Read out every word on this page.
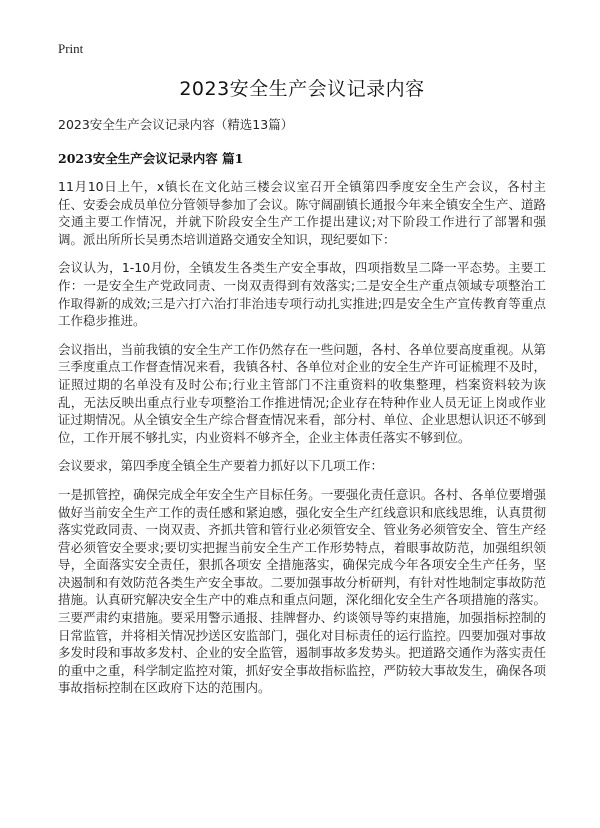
Print
2023安全生产会议记录内容

2023安全生产会议记录内容（精选13篇）

2023安全生产会议记录内容 篇1

11月10日上午，x镇长在文化站三楼会议室召开全镇第四季度安全生产会议，各村主任、安委会成员单位分管领导参加了会议。陈守阔副镇长通报今年来全镇安全生产、道路交通主要工作情况，并就下阶段安全生产工作提出建议;对下阶段工作进行了部署和强调。派出所所长吴勇杰培训道路交通安全知识，现纪要如下：

会议认为，1-10月份，全镇发生各类生产安全事故，四项指数呈二降一平态势。主要工作：一是安全生产党政同责、一岗双责得到有效落实;二是安全生产重点领域专项整治工作取得新的成效;三是六打六治打非治违专项行动扎实推进;四是安全生产宣传教育等重点工作稳步推进。

会议指出，当前我镇的安全生产工作仍然存在一些问题，各村、各单位要高度重视。从第三季度重点工作督查情况来看，我镇各村、各单位对企业的安全生产许可证梳理不及时，证照过期的名单没有及时公布;行业主管部门不注重资料的收集整理，档案资料较为诙乱，无法反映出重点行业专项整治工作推进情况;企业存在特种作业人员无证上岗或作业 证过期情况。从全镇安全生产综合督查情况来看，部分村、单位、企业思想认识还不够到位，工作开展不够扎实，内业资料不够齐全，企业主体责任落实不够到位。

会议要求，第四季度全镇全生产要着力抓好以下几项工作：

一是抓管控，确保完成全年安全生产目标任务。一要强化责任意识。各村、各单位要增强做好当前安全生产工作的责任感和紧迫感，强化安全生产红线意识和底线思维，认真贯彻落实党政同责、一岗双责、齐抓共管和管行业必须管安全、管业务必须管安全、管生产经营必须管安全要求;要切实把握当前安全生产工作形势特点，着眼事故防范，加强组织领导，全面落实安全责任，狠抓各项安 全措施落实，确保完成今年各项安全生产任务，坚决遏制和有效防范各类生产安全事故。二要加强事故分析研判，有针对性地制定事故防范措施。认真研究解决安全生产中的难点和重点问题，深化细化安全生产各项措施的落实。三要严肃约束措施。要采用警示通报、挂牌督办、约谈领导等约束措施，加强指标控制的日常监管，并将相关情况抄送区安监部门，强化对目标责任的运行监控。四要加强对事故多发时段和事故多发村、企业的安全监管，遏制事故多发势头。把道路交通作为落实责任的重中之重，科学制定监控对策，抓好安全事故指标监控，严防较大事故发生，确保各项事故指标控制在区政府下达的范围内。
